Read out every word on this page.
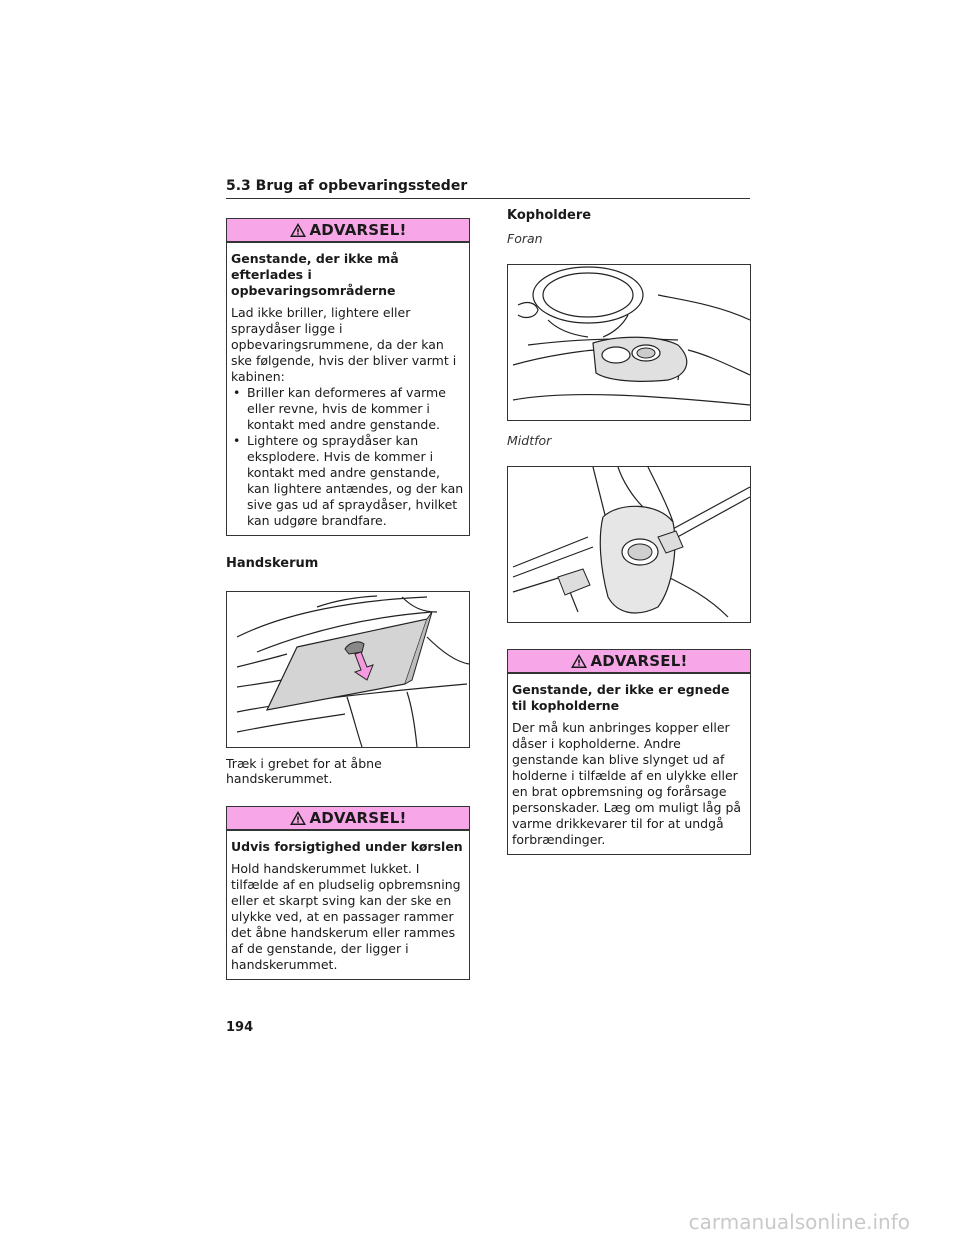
5.3 Brug af opbevaringssteder
ADVARSEL!
Genstande, der ikke må efterlades i opbevaringsområderne

Lad ikke briller, lightere eller spraydåser ligge i opbevaringsrummene, da der kan ske følgende, hvis der bliver varmt i kabinen:

• Briller kan deformeres af varme eller revne, hvis de kommer i kontakt med andre genstande.
• Lightere og spraydåser kan eksplodere. Hvis de kommer i kontakt med andre genstande, kan lightere antændes, og der kan sive gas ud af spraydåser, hvilket kan udgøre brandfare.
Handskerum
Træk i grebet for at åbne handskerummet.
ADVARSEL!
Udvis forsigtighed under kørslen

Hold handskerummet lukket. I tilfælde af en pludselig opbremsning eller et skarpt sving kan der ske en ulykke ved, at en passager rammer det åbne handskerum eller rammes af de genstande, der ligger i handskerummet.

Kopholdere
Foran
Midtfor
ADVARSEL!
Genstande, der ikke er egnede til kopholderne

Der må kun anbringes kopper eller dåser i kopholderne. Andre genstande kan blive slynget ud af holderne i tilfælde af en ulykke eller en brat opbremsning og forårsage personskader. Læg om muligt låg på varme drikkevarer til for at undgå forbrændinger.

194
carmanualsonline.info
